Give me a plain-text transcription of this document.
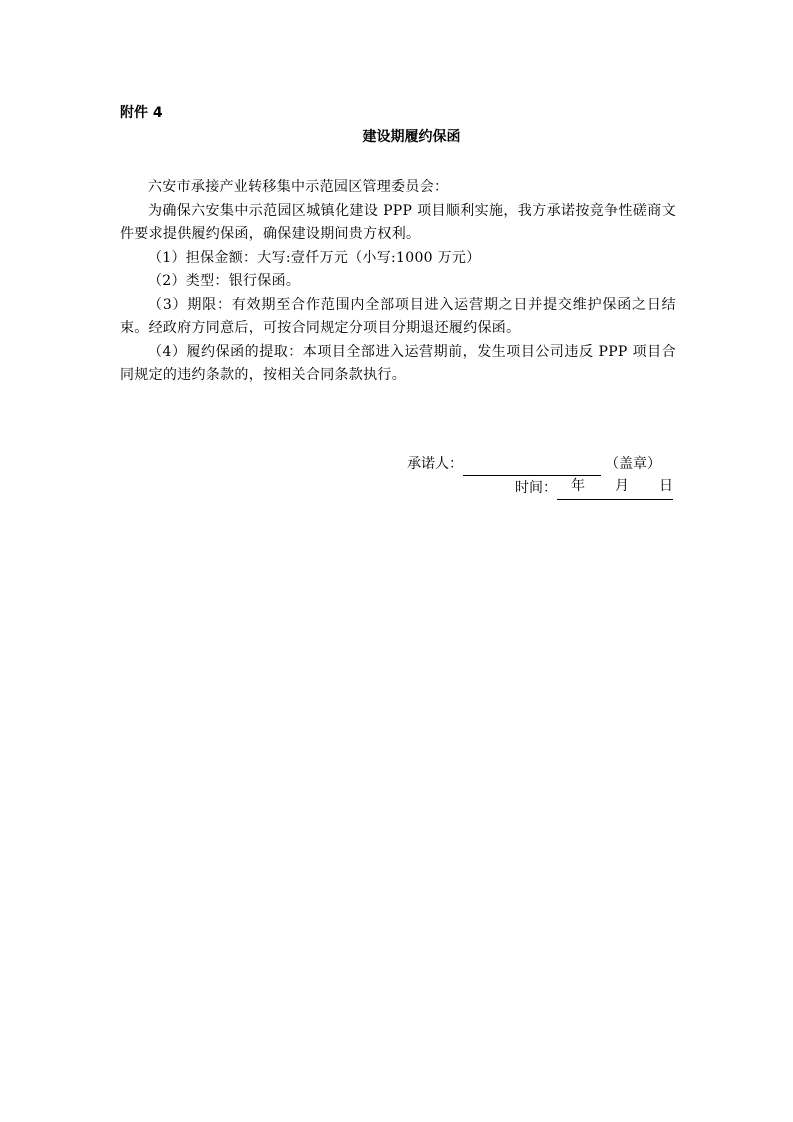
附件 4
建设期履约保函

六安市承接产业转移集中示范园区管理委员会：

为确保六安集中示范园区城镇化建设 PPP 项目顺利实施，我方承诺按竞争性磋商文件要求提供履约保函，确保建设期间贵方权利。

（1）担保金额：大写:壹仟万元（小写:1000 万元）

（2）类型：银行保函。

（3）期限：有效期至合作范围内全部项目进入运营期之日并提交维护保函之日结束。经政府方同意后，可按合同规定分项目分期退还履约保函。

（4）履约保函的提取：本项目全部进入运营期前，发生项目公司违反 PPP 项目合同规定的违约条款的，按相关合同条款执行。

承诺人：	（盖章）
时间： 年 月 日
